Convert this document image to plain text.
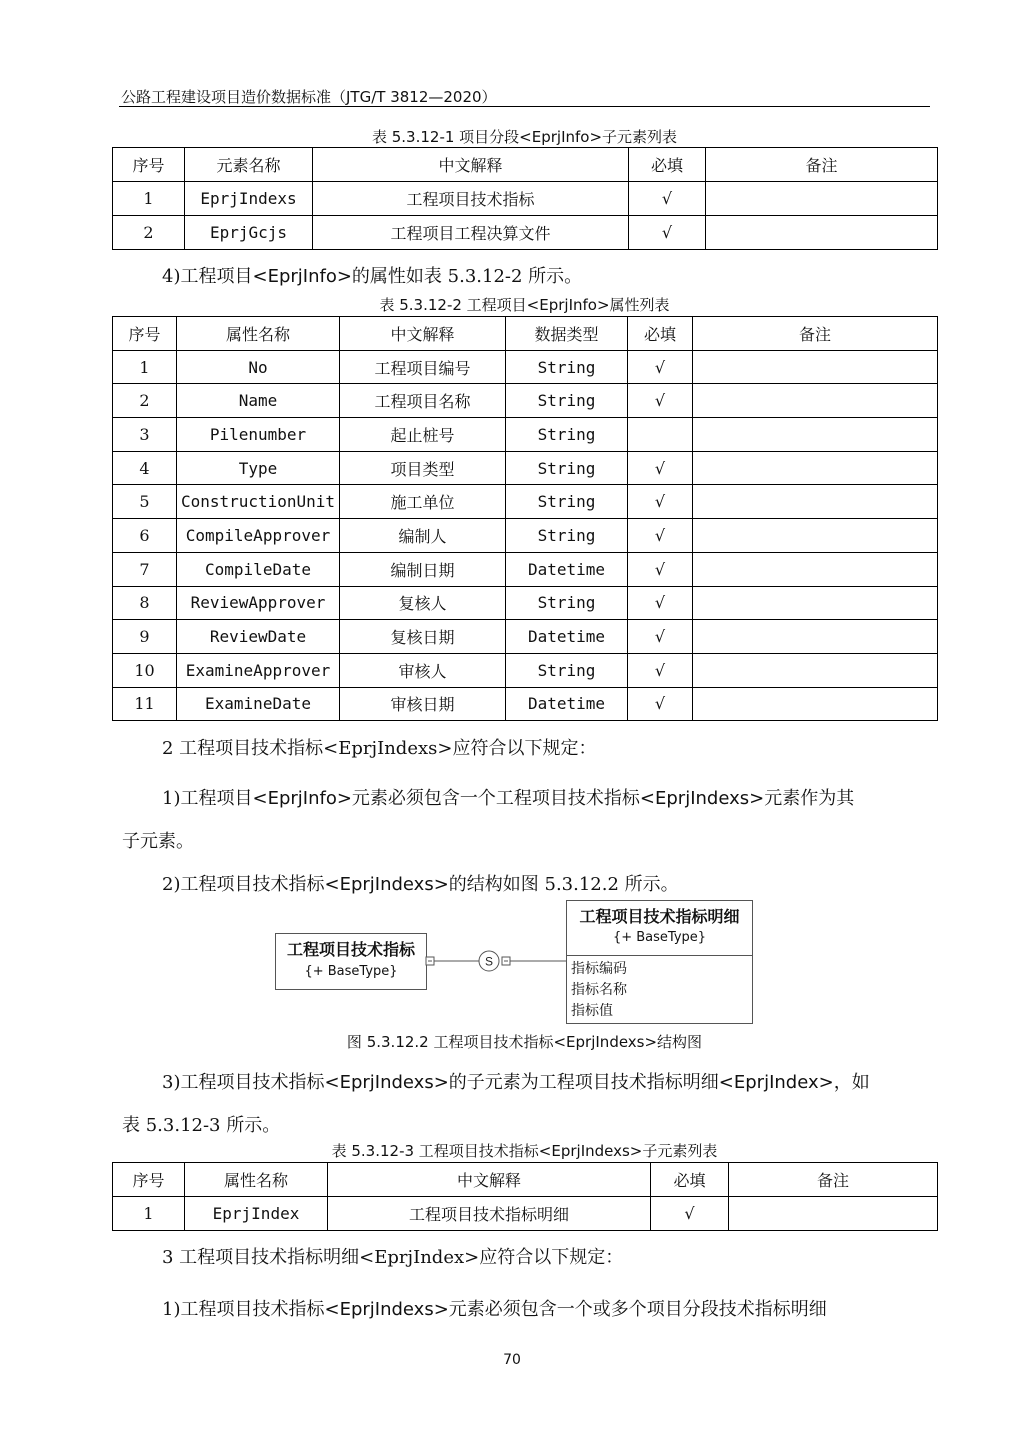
公路工程建设项目造价数据标准（JTG/T 3812—2020）
表 5.3.12-1 项目分段<EprjInfo>子元素列表
序号	元素名称	中文解释	必填	备注
1	EprjIndexs	工程项目技术指标	√	
2	EprjGcjs	工程项目工程决算文件	√	
4)工程项目<EprjInfo>的属性如表 5.3.12-2 所示。
表 5.3.12-2 工程项目<EprjInfo>属性列表
序号	属性名称	中文解释	数据类型	必填	备注
1	No	工程项目编号	String	√	
2	Name	工程项目名称	String	√	
3	Pilenumber	起止桩号	String		
4	Type	项目类型	String	√	
5	ConstructionUnit	施工单位	String	√	
6	CompileApprover	编制人	String	√	
7	CompileDate	编制日期	Datetime	√	
8	ReviewApprover	复核人	String	√	
9	ReviewDate	复核日期	Datetime	√	
10	ExamineApprover	审核人	String	√	
11	ExamineDate	审核日期	Datetime	√	
2 工程项目技术指标<EprjIndexs>应符合以下规定：
1)工程项目<EprjInfo>元素必须包含一个工程项目技术指标<EprjIndexs>元素作为其
子元素。
2)工程项目技术指标<EprjIndexs>的结构如图 5.3.12.2 所示。
工程项目技术指标
{+ BaseType}
S
工程项目技术指标明细
{+ BaseType}
指标编码
指标名称
指标值
图 5.3.12.2 工程项目技术指标<EprjIndexs>结构图
3)工程项目技术指标<EprjIndexs>的子元素为工程项目技术指标明细<EprjIndex>，如
表 5.3.12-3 所示。
表 5.3.12-3 工程项目技术指标<EprjIndexs>子元素列表
序号	属性名称	中文解释	必填	备注
1	EprjIndex	工程项目技术指标明细	√	
3 工程项目技术指标明细<EprjIndex>应符合以下规定：
1)工程项目技术指标<EprjIndexs>元素必须包含一个或多个项目分段技术指标明细
70
